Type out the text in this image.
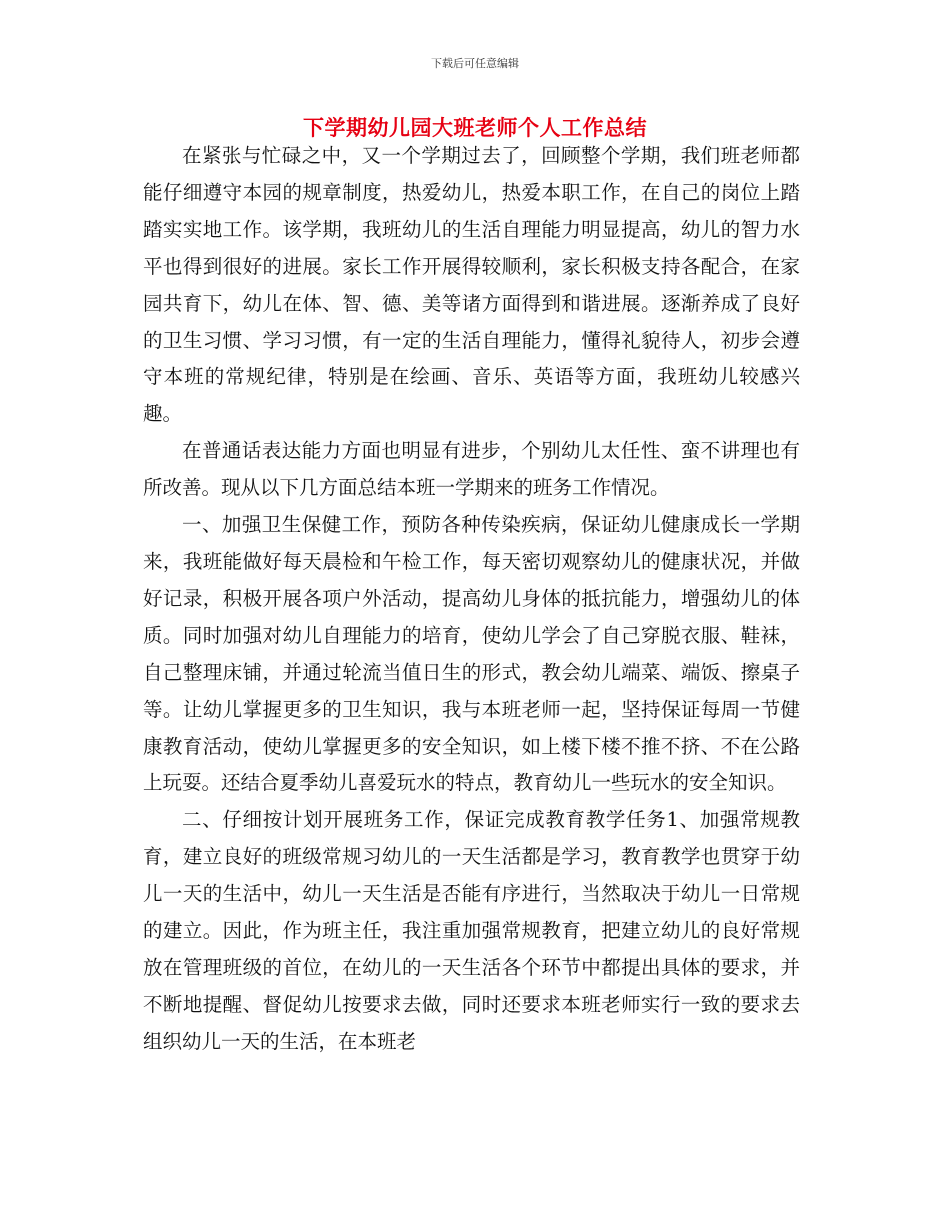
下载后可任意编辑
下学期幼儿园大班老师个人工作总结

在紧张与忙碌之中，又一个学期过去了，回顾整个学期，我们班老师都能仔细遵守本园的规章制度，热爱幼儿，热爱本职工作，在自己的岗位上踏踏实实地工作。该学期，我班幼儿的生活自理能力明显提高，幼儿的智力水平也得到很好的进展。家长工作开展得较顺利，家长积极支持各配合，在家园共育下，幼儿在体、智、德、美等诸方面得到和谐进展。逐渐养成了良好的卫生习惯、学习习惯，有一定的生活自理能力，懂得礼貌待人，初步会遵守本班的常规纪律，特别是在绘画、音乐、英语等方面，我班幼儿较感兴趣。

在普通话表达能力方面也明显有进步，个别幼儿太任性、蛮不讲理也有所改善。现从以下几方面总结本班一学期来的班务工作情况。

一、加强卫生保健工作，预防各种传染疾病，保证幼儿健康成长一学期来，我班能做好每天晨检和午检工作，每天密切观察幼儿的健康状况，并做好记录，积极开展各项户外活动，提高幼儿身体的抵抗能力，增强幼儿的体质。同时加强对幼儿自理能力的培育，使幼儿学会了自己穿脱衣服、鞋袜，自己整理床铺，并通过轮流当值日生的形式，教会幼儿端菜、端饭、擦桌子等。让幼儿掌握更多的卫生知识，我与本班老师一起，坚持保证每周一节健康教育活动，使幼儿掌握更多的安全知识，如上楼下楼不推不挤、不在公路上玩耍。还结合夏季幼儿喜爱玩水的特点，教育幼儿一些玩水的安全知识。

二、仔细按计划开展班务工作，保证完成教育教学任务1、加强常规教育，建立良好的班级常规习幼儿的一天生活都是学习，教育教学也贯穿于幼儿一天的生活中，幼儿一天生活是否能有序进行，当然取决于幼儿一日常规的建立。因此，作为班主任，我注重加强常规教育，把建立幼儿的良好常规放在管理班级的首位，在幼儿的一天生活各个环节中都提出具体的要求，并不断地提醒、督促幼儿按要求去做，同时还要求本班老师实行一致的要求去组织幼儿一天的生活，在本班老
